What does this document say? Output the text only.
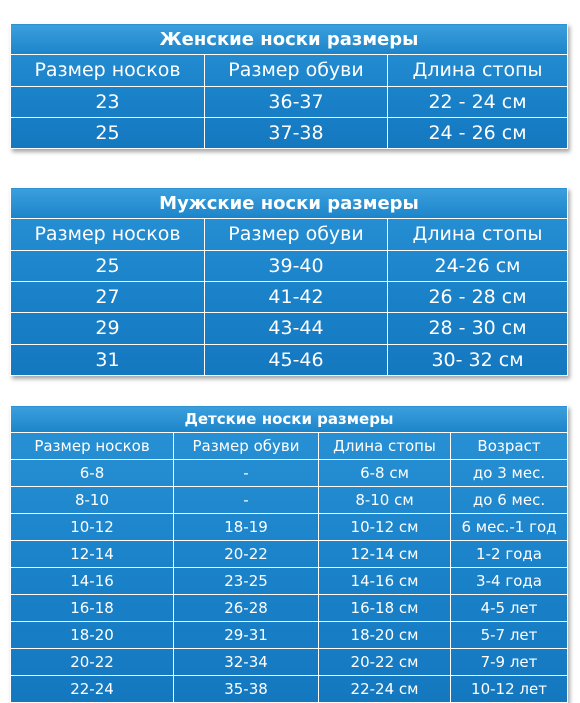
Женские носки размеры		
Размер носков	Размер обуви	Длина стопы
23	36-37	22 - 24 см
25	37-38	24 - 26 см
Мужские носки размеры		
Размер носков	Размер обуви	Длина стопы
25	39-40	24-26 см
27	41-42	26 - 28 см
29	43-44	28 - 30 см
31	45-46	30- 32 см
Детские носки размеры			
Размер носков	Размер обуви	Длина стопы	Возраст
6-8	-	6-8 см	до 3 мес.
8-10	-	8-10 см	до 6 мес.
10-12	18-19	10-12 см	6 мес.-1 год
12-14	20-22	12-14 см	1-2 года
14-16	23-25	14-16 см	3-4 года
16-18	26-28	16-18 см	4-5 лет
18-20	29-31	18-20 см	5-7 лет
20-22	32-34	20-22 см	7-9 лет
22-24	35-38	22-24 см	10-12 лет
